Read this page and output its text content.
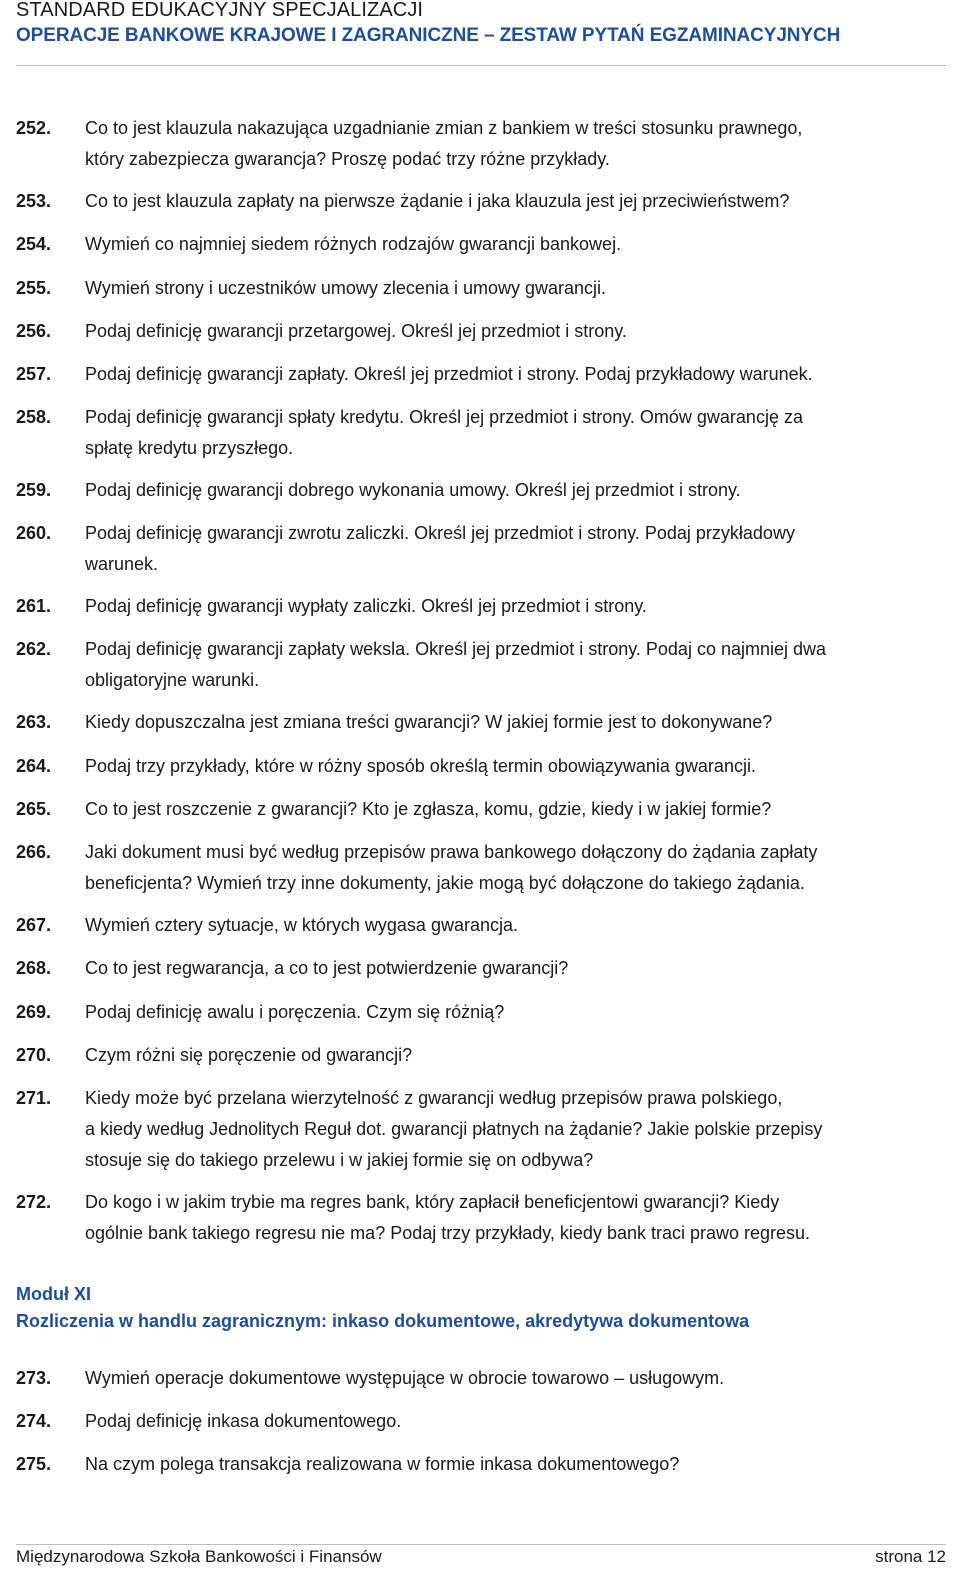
STANDARD EDUKACYJNY SPECJALIZACJI
OPERACJE BANKOWE KRAJOWE I ZAGRANICZNE – ZESTAW PYTAŃ EGZAMINACYJNYCH
252. Co to jest klauzula nakazująca uzgadnianie zmian z bankiem w treści stosunku prawnego,
który zabezpiecza gwarancja? Proszę podać trzy różne przykłady.
253. Co to jest klauzula zapłaty na pierwsze żądanie i jaka klauzula jest jej przeciwieństwem?
254. Wymień co najmniej siedem różnych rodzajów gwarancji bankowej.
255. Wymień strony i uczestników umowy zlecenia i umowy gwarancji.
256. Podaj definicję gwarancji przetargowej. Określ jej przedmiot i strony.
257. Podaj definicję gwarancji zapłaty. Określ jej przedmiot i strony. Podaj przykładowy warunek.
258. Podaj definicję gwarancji spłaty kredytu. Określ jej przedmiot i strony. Omów gwarancję za
spłatę kredytu przyszłego.
259. Podaj definicję gwarancji dobrego wykonania umowy. Określ jej przedmiot i strony.
260. Podaj definicję gwarancji zwrotu zaliczki. Określ jej przedmiot i strony. Podaj przykładowy
warunek.
261. Podaj definicję gwarancji wypłaty zaliczki. Określ jej przedmiot i strony.
262. Podaj definicję gwarancji zapłaty weksla. Określ jej przedmiot i strony. Podaj co najmniej dwa
obligatoryjne warunki.
263. Kiedy dopuszczalna jest zmiana treści gwarancji? W jakiej formie jest to dokonywane?
264. Podaj trzy przykłady, które w różny sposób określą termin obowiązywania gwarancji.
265. Co to jest roszczenie z gwarancji? Kto je zgłasza, komu, gdzie, kiedy i w jakiej formie?
266. Jaki dokument musi być według przepisów prawa bankowego dołączony do żądania zapłaty
beneficjenta? Wymień trzy inne dokumenty, jakie mogą być dołączone do takiego żądania.
267. Wymień cztery sytuacje, w których wygasa gwarancja.
268. Co to jest regwarancja, a co to jest potwierdzenie gwarancji?
269. Podaj definicję awalu i poręczenia. Czym się różnią?
270. Czym różni się poręczenie od gwarancji?
271. Kiedy może być przelana wierzytelność z gwarancji według przepisów prawa polskiego,
a kiedy według Jednolitych Reguł dot. gwarancji płatnych na żądanie? Jakie polskie przepisy
stosuje się do takiego przelewu i w jakiej formie się on odbywa?
272. Do kogo i w jakim trybie ma regres bank, który zapłacił beneficjentowi gwarancji? Kiedy
ogólnie bank takiego regresu nie ma? Podaj trzy przykłady, kiedy bank traci prawo regresu.
Moduł XI
Rozliczenia w handlu zagranicznym: inkaso dokumentowe, akredytywa dokumentowa
273. Wymień operacje dokumentowe występujące w obrocie towarowo – usługowym.
274. Podaj definicję inkasa dokumentowego.
275. Na czym polega transakcja realizowana w formie inkasa dokumentowego?
Międzynarodowa Szkoła Bankowości i Finansów	strona 12
